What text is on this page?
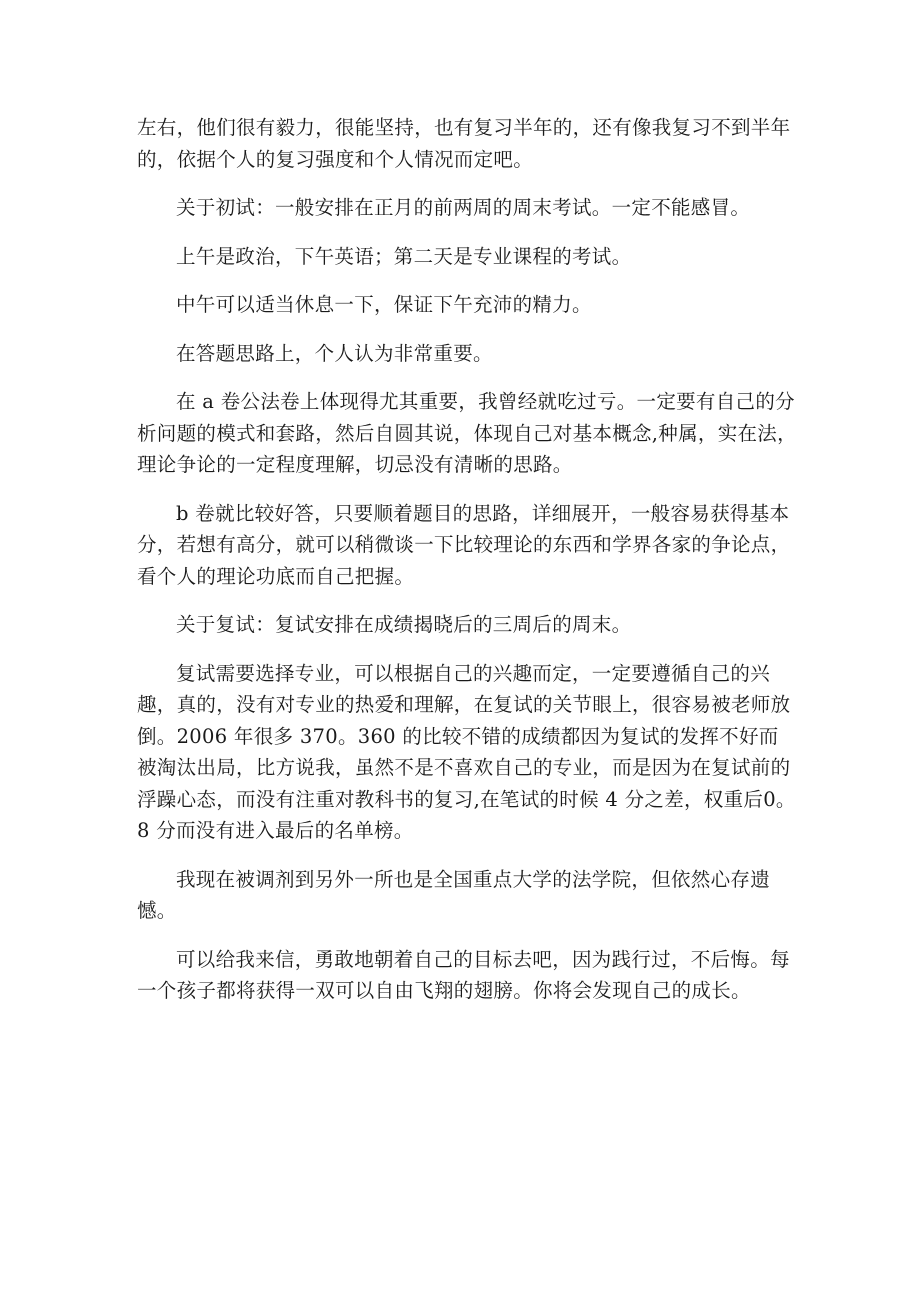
左右，他们很有毅力，很能坚持，也有复习半年的，还有像我复习不到半年的，依据个人的复习强度和个人情况而定吧。

关于初试：一般安排在正月的前两周的周末考试。一定不能感冒。

上午是政治，下午英语；第二天是专业课程的考试。

中午可以适当休息一下，保证下午充沛的精力。

在答题思路上，个人认为非常重要。

在 a 卷公法卷上体现得尤其重要，我曾经就吃过亏。一定要有自己的分析问题的模式和套路，然后自圆其说，体现自己对基本概念,种属，实在法，理论争论的一定程度理解，切忌没有清晰的思路。

b 卷就比较好答，只要顺着题目的思路，详细展开，一般容易获得基本分，若想有高分，就可以稍微谈一下比较理论的东西和学界各家的争论点，看个人的理论功底而自己把握。

关于复试：复试安排在成绩揭晓后的三周后的周末。

复试需要选择专业，可以根据自己的兴趣而定，一定要遵循自己的兴趣，真的，没有对专业的热爱和理解，在复试的关节眼上，很容易被老师放倒。2006 年很多 370。360 的比较不错的成绩都因为复试的发挥不好而被淘汰出局，比方说我，虽然不是不喜欢自己的专业，而是因为在复试前的浮躁心态，而没有注重对教科书的复习,在笔试的时候 4 分之差，权重后0。8 分而没有进入最后的名单榜。

我现在被调剂到另外一所也是全国重点大学的法学院，但依然心存遗憾。

可以给我来信，勇敢地朝着自己的目标去吧，因为践行过，不后悔。每一个孩子都将获得一双可以自由飞翔的翅膀。你将会发现自己的成长。
